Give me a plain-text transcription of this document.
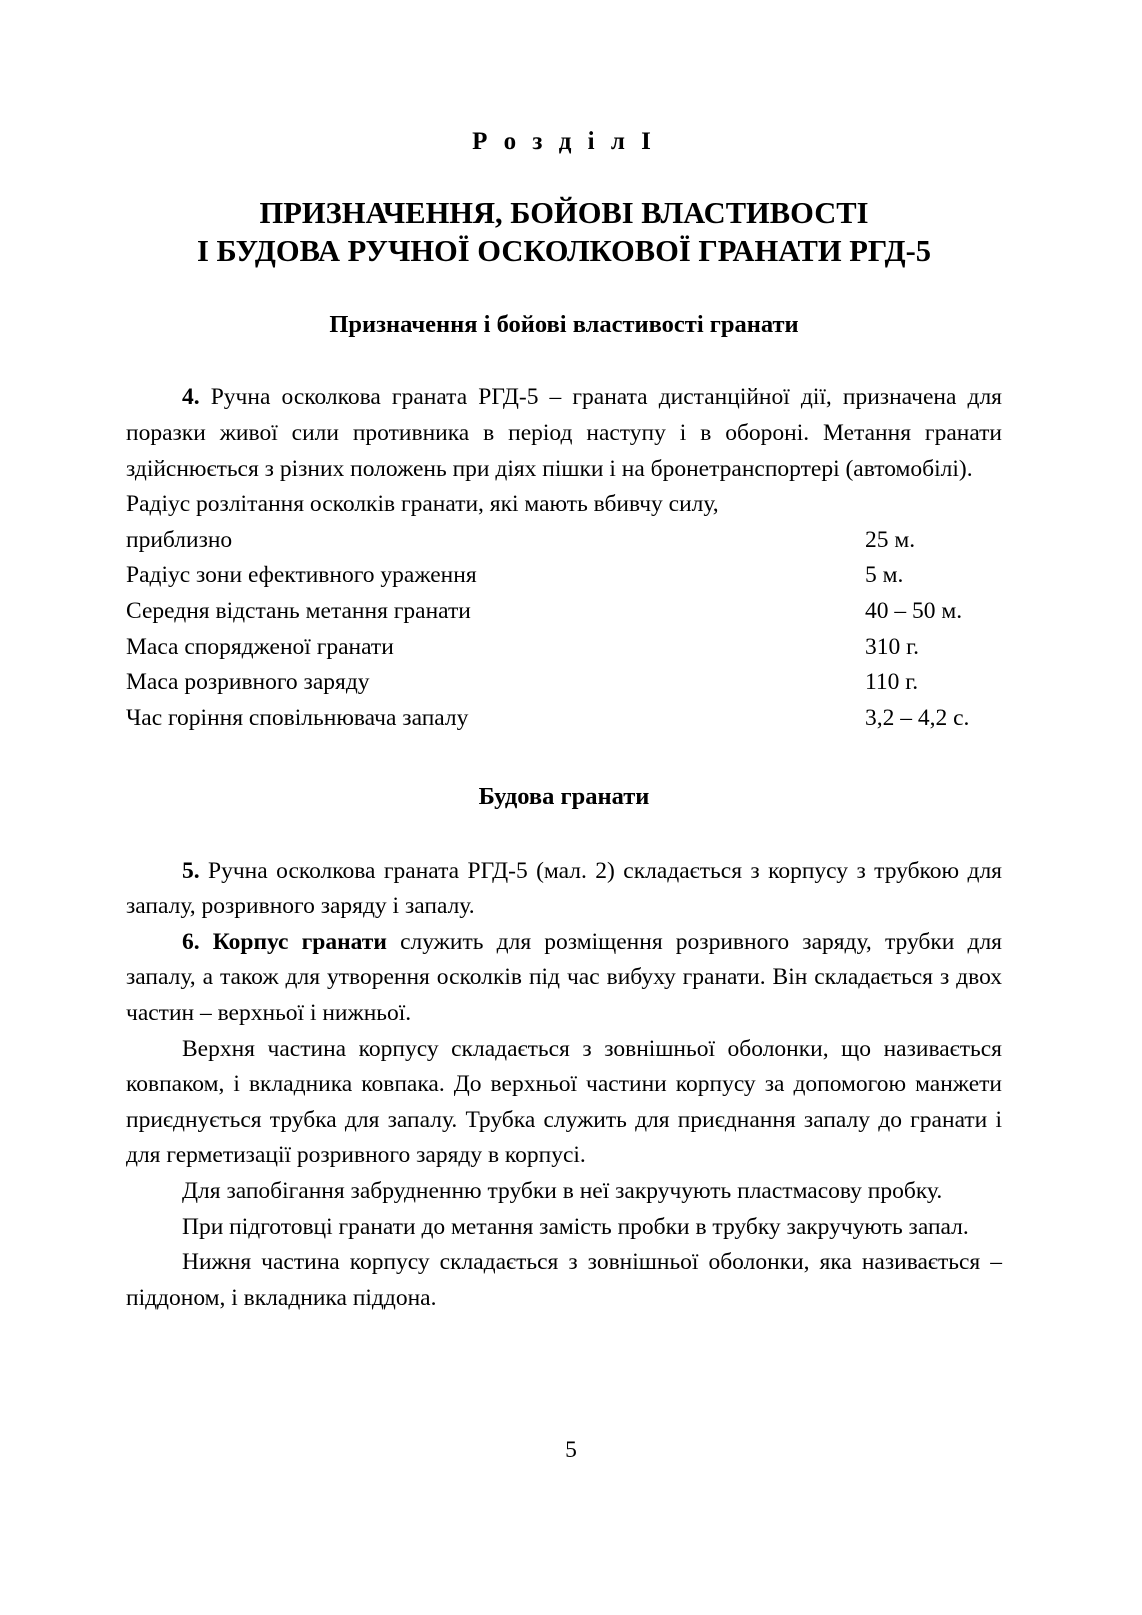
Р о з д і л I
ПРИЗНАЧЕННЯ, БОЙОВІ ВЛАСТИВОСТІ
І БУДОВА РУЧНОЇ ОСКОЛКОВОЇ ГРАНАТИ РГД-5
Призначення і бойові властивості гранати

4. Ручна осколкова граната РГД-5 – граната дистанційної дії, призначена для поразки живої сили противника в період наступу і в обороні. Метання гранати здійснюється з різних положень при діях пішки і на бронетранспортері (автомобілі).

Радіус розлітання осколків гранати, які мають вбивчу силу,
приблизно	25 м.
Радіус зони ефективного ураження	5 м.
Середня відстань метання гранати	40 – 50 м.
Маса спорядженої гранати	310 г.
Маса розривного заряду	110 г.
Час горіння сповільнювача запалу	3,2 – 4,2 с.
Будова гранати

5. Ручна осколкова граната РГД-5 (мал. 2) складається з корпусу з трубкою для запалу, розривного заряду і запалу.

6. Корпус гранати служить для розміщення розривного заряду, трубки для запалу, а також для утворення осколків під час вибуху гранати. Він складається з двох частин – верхньої і нижньої.

Верхня частина корпусу складається з зовнішньої оболонки, що називається ковпаком, і вкладника ковпака. До верхньої частини корпусу за допомогою манжети приєднується трубка для запалу. Трубка служить для приєднання запалу до гранати і для герметизації розривного заряду в корпусі.

Для запобігання забрудненню трубки в неї закручують пластмасову пробку.

При підготовці гранати до метання замість пробки в трубку закручують запал.

Нижня частина корпусу складається з зовнішньої оболонки, яка називається – піддоном, і вкладника піддона.

5
